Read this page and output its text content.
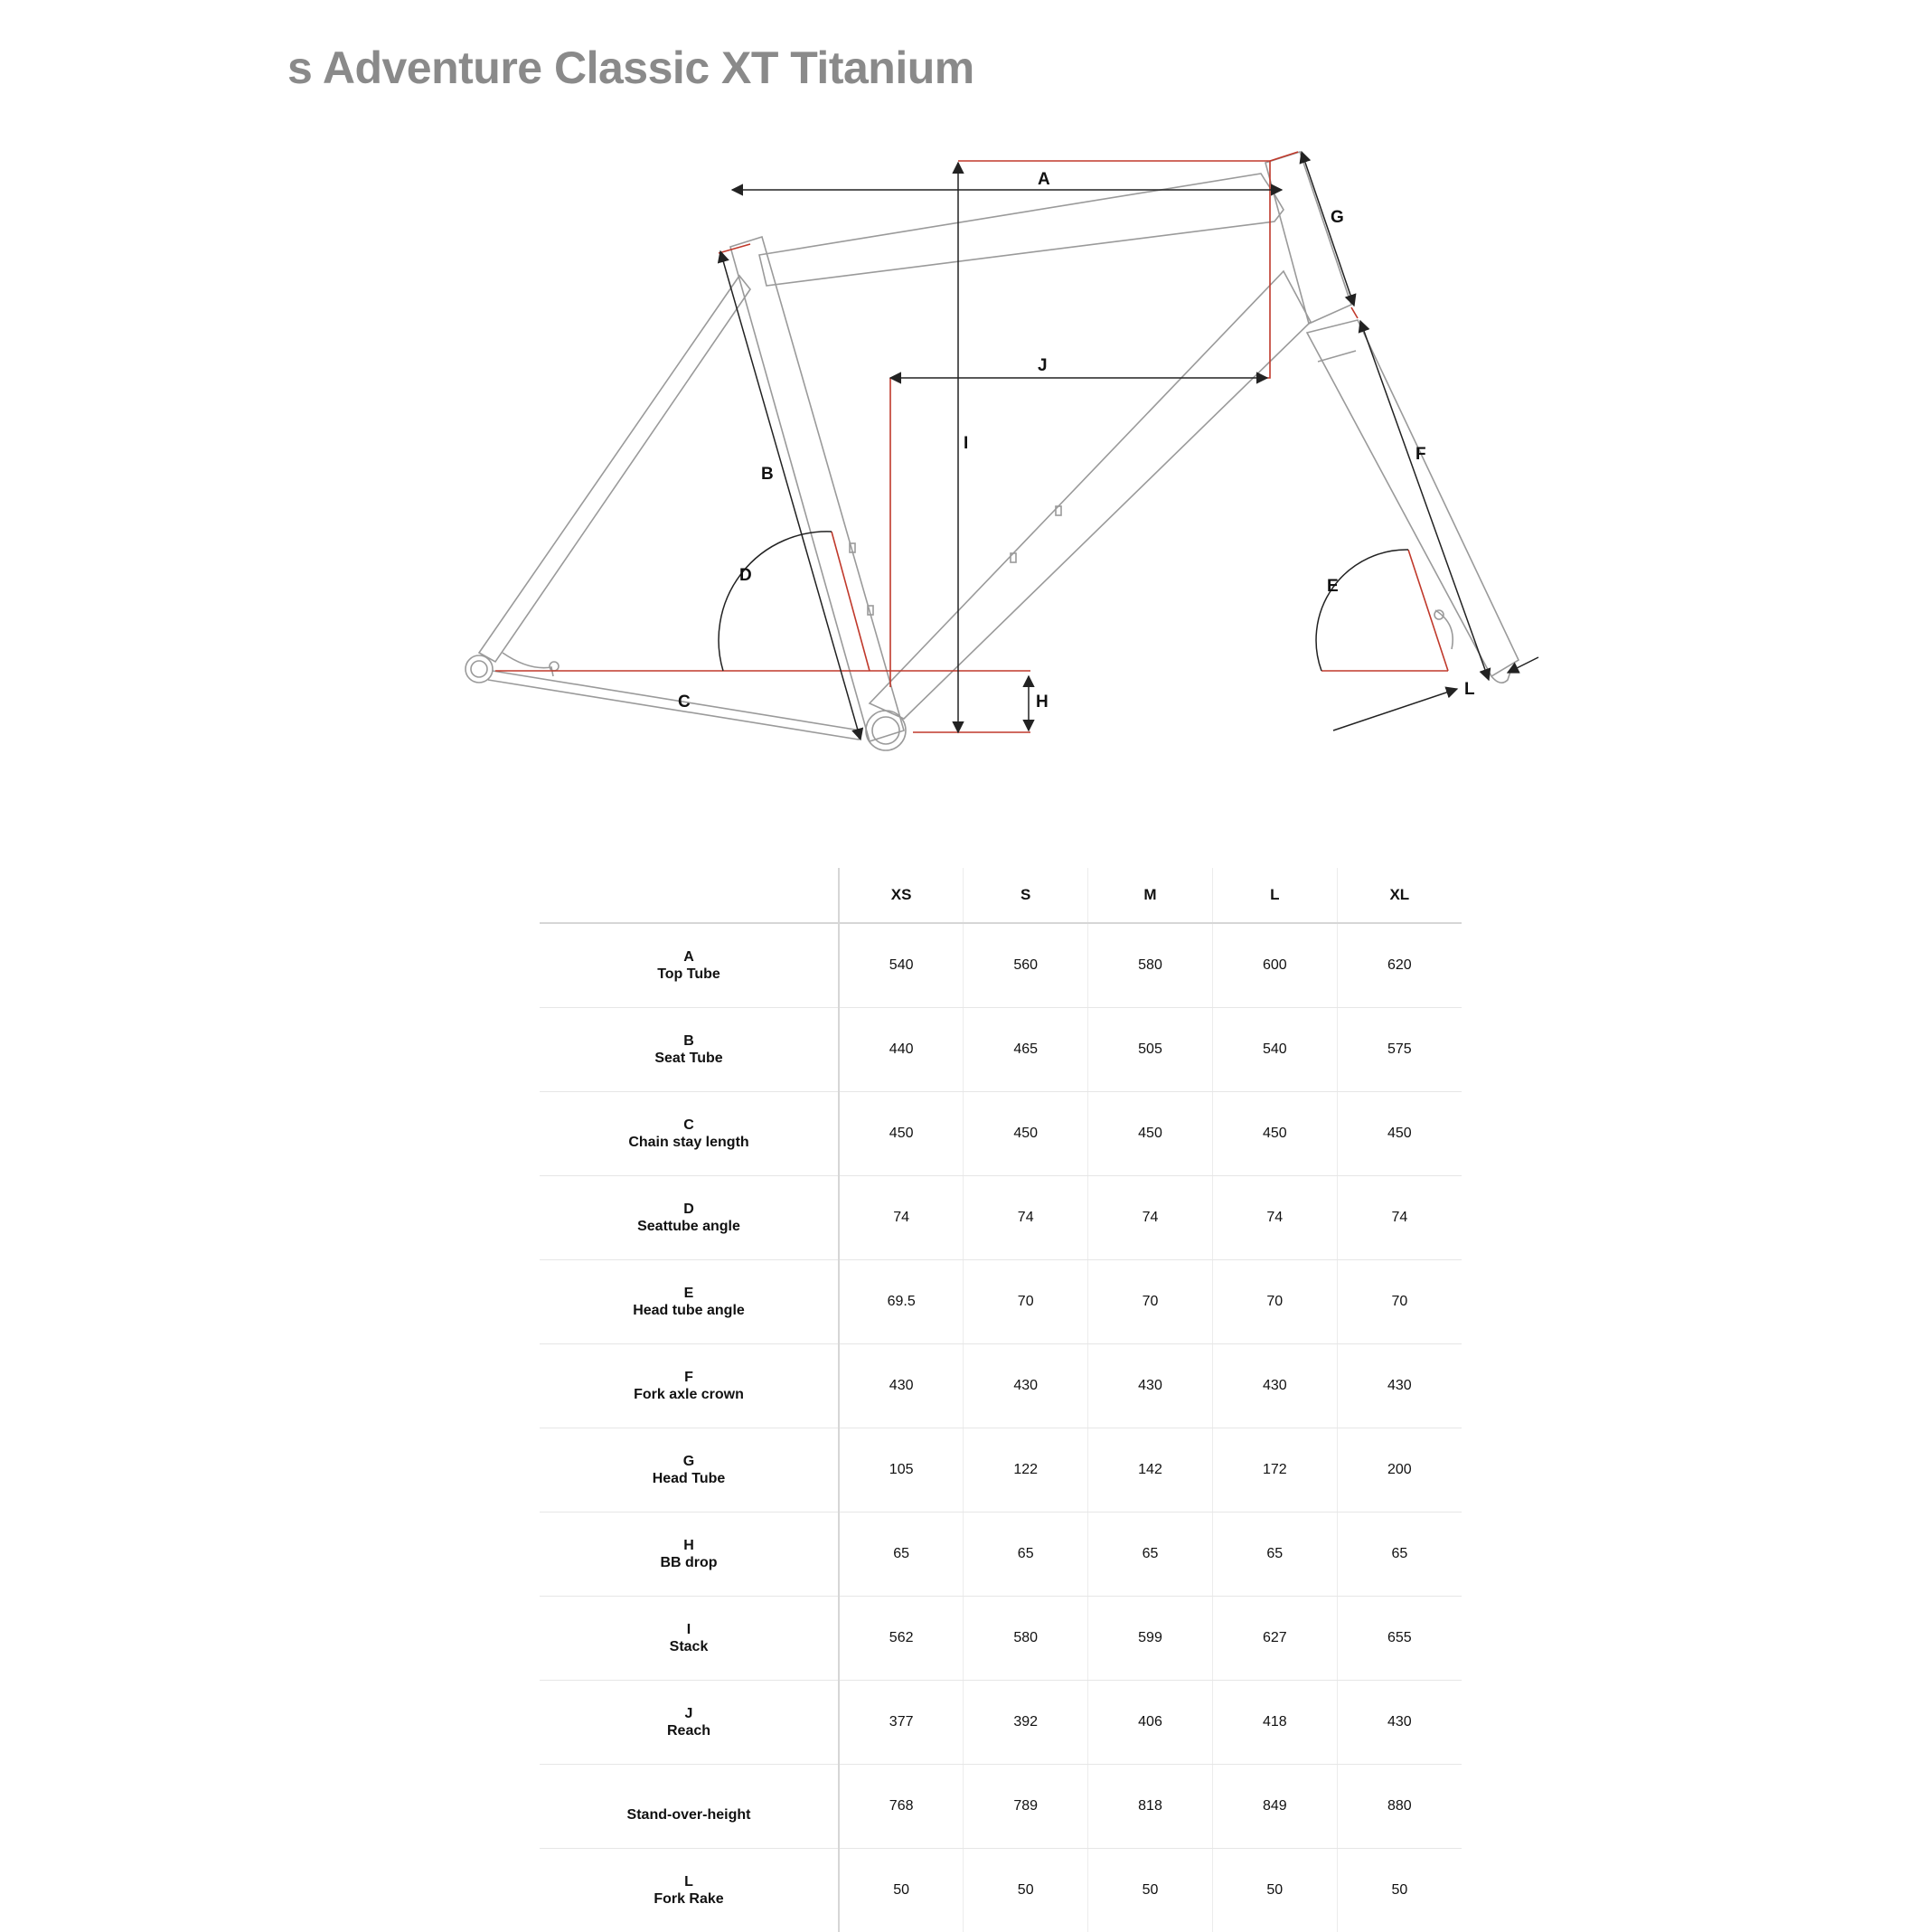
s Adventure Classic XT Titanium
A
B
C
D
E
F
G
H
I
J
L
	XS	S	M	L	XL

A
Top Tube	540	560	580	600	620

B
Seat Tube	440	465	505	540	575

C
Chain stay length	450	450	450	450	450

D
Seattube angle	74	74	74	74	74

E
Head tube angle	69.5	70	70	70	70

F
Fork axle crown	430	430	430	430	430

G
Head Tube	105	122	142	172	200

H
BB drop	65	65	65	65	65

I
Stack	562	580	599	627	655

J
Reach	377	392	406	418	430

Stand-over-height	768	789	818	849	880

L
Fork Rake	50	50	50	50	50
